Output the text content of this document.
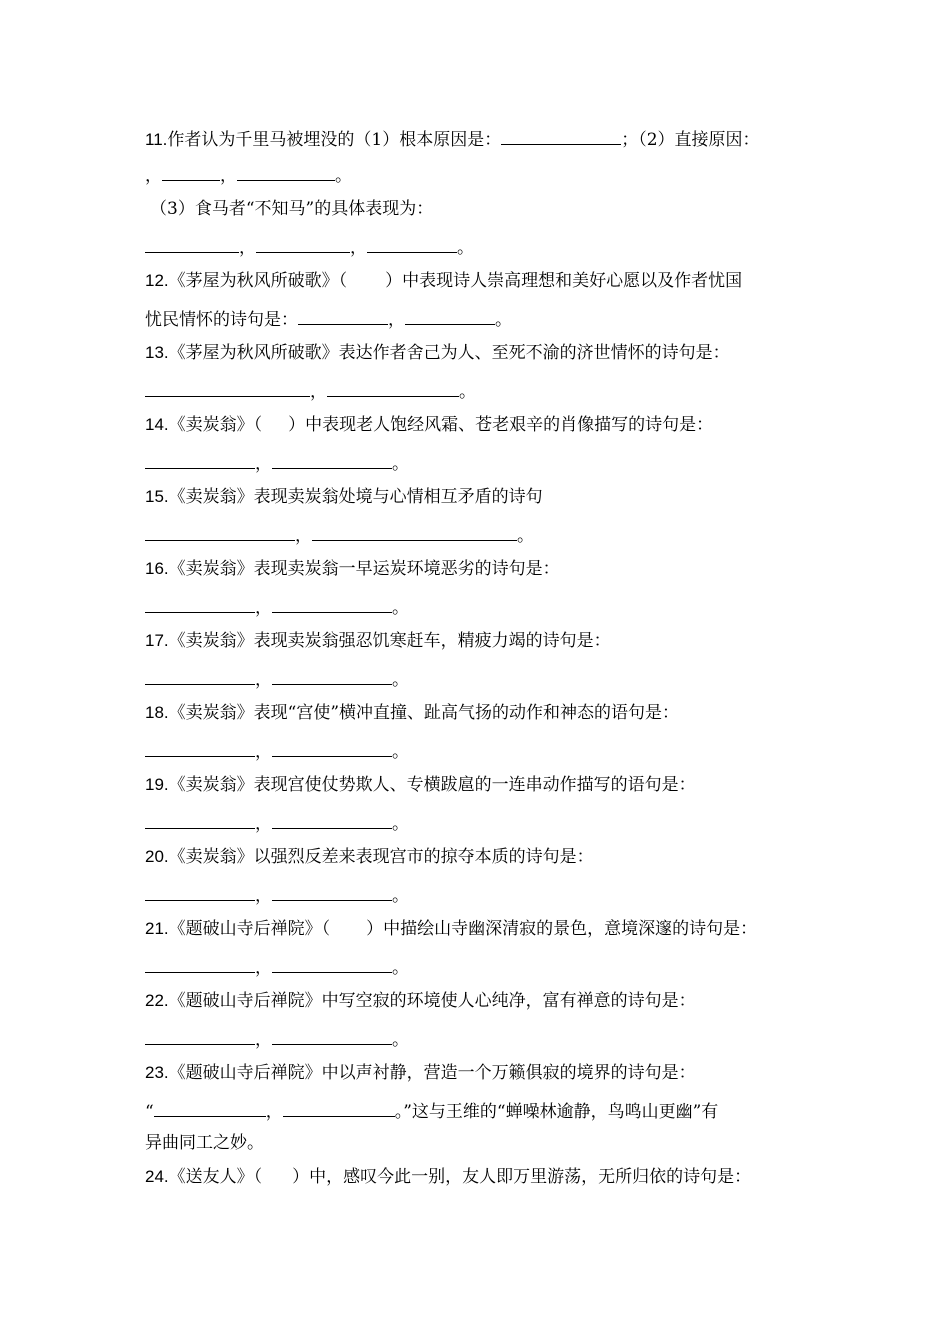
11.作者认为千里马被埋没的（1）根本原因是：	；（2）直接原因：
，	，	。
（3）食马者“不知马”的具体表现为：
，	，	。
12.《茅屋为秋风所破歌》（ ）中表现诗人崇高理想和美好心愿以及作者忧国
忧民情怀的诗句是：	，	。
13.《茅屋为秋风所破歌》表达作者舍己为人、至死不渝的济世情怀的诗句是：
，	。
14.《卖炭翁》（ ）中表现老人饱经风霜、苍老艰辛的肖像描写的诗句是：
，	。
15.《卖炭翁》表现卖炭翁处境与心情相互矛盾的诗句
，	。
16.《卖炭翁》表现卖炭翁一早运炭环境恶劣的诗句是：
，	。
17.《卖炭翁》表现卖炭翁强忍饥寒赶车，精疲力竭的诗句是：
，	。
18.《卖炭翁》表现“宫使”横冲直撞、趾高气扬的动作和神态的语句是：
，	。
19.《卖炭翁》表现宫使仗势欺人、专横跋扈的一连串动作描写的语句是：
，	。
20.《卖炭翁》以强烈反差来表现宫市的掠夺本质的诗句是：
，	。
21.《题破山寺后禅院》（ ）中描绘山寺幽深清寂的景色，意境深邃的诗句是：
，	。
22.《题破山寺后禅院》中写空寂的环境使人心纯净，富有禅意的诗句是：
，	。
23.《题破山寺后禅院》中以声衬静，营造一个万籁俱寂的境界的诗句是：
“	，	。”这与王维的“蝉噪林逾静，鸟鸣山更幽”有
异曲同工之妙。
24.《送友人》（ ）中，感叹今此一别，友人即万里游荡，无所归依的诗句是：
